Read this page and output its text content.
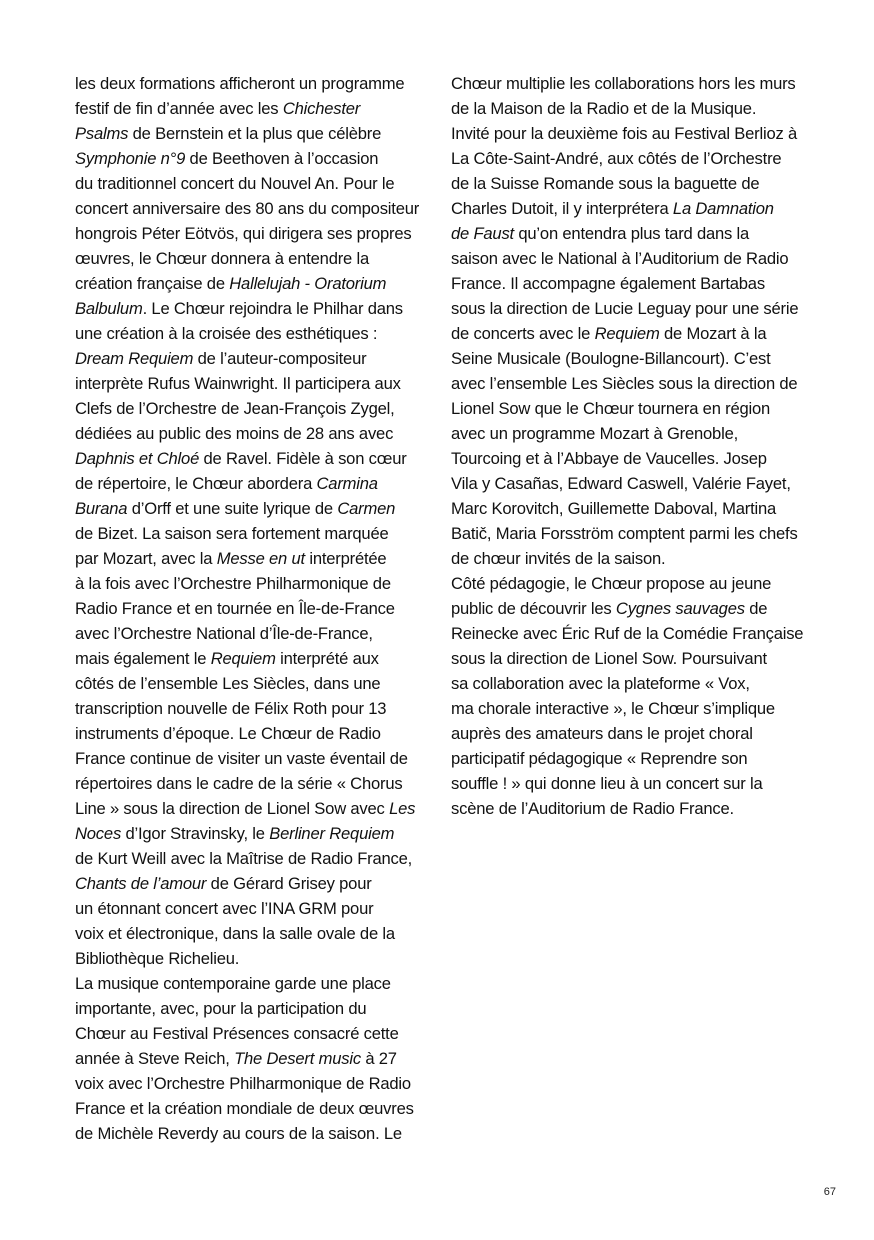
les deux formations afficheront un programme
festif de fin d’année avec les Chichester
Psalms de Bernstein et la plus que célèbre
Symphonie n°9 de Beethoven à l’occasion
du traditionnel concert du Nouvel An. Pour le
concert anniversaire des 80 ans du compositeur
hongrois Péter Eötvös, qui dirigera ses propres
œuvres, le Chœur donnera à entendre la
création française de Hallelujah - Oratorium
Balbulum. Le Chœur rejoindra le Philhar dans
une création à la croisée des esthétiques :
Dream Requiem de l’auteur-compositeur
interprète Rufus Wainwright. Il participera aux
Clefs de l’Orchestre de Jean-François Zygel,
dédiées au public des moins de 28 ans avec
Daphnis et Chloé de Ravel. Fidèle à son cœur
de répertoire, le Chœur abordera Carmina
Burana d’Orff et une suite lyrique de Carmen
de Bizet. La saison sera fortement marquée
par Mozart, avec la Messe en ut interprétée
à la fois avec l’Orchestre Philharmonique de
Radio France et en tournée en Île-de-France
avec l’Orchestre National d’Île-de-France,
mais également le Requiem interprété aux
côtés de l’ensemble Les Siècles, dans une
transcription nouvelle de Félix Roth pour 13
instruments d’époque. Le Chœur de Radio
France continue de visiter un vaste éventail de
répertoires dans le cadre de la série « Chorus
Line » sous la direction de Lionel Sow avec Les
Noces d’Igor Stravinsky, le Berliner Requiem
de Kurt Weill avec la Maîtrise de Radio France,
Chants de l’amour de Gérard Grisey pour
un étonnant concert avec l’INA GRM pour
voix et électronique, dans la salle ovale de la
Bibliothèque Richelieu.
La musique contemporaine garde une place
importante, avec, pour la participation du
Chœur au Festival Présences consacré cette
année à Steve Reich, The Desert music à 27
voix avec l’Orchestre Philharmonique de Radio
France et la création mondiale de deux œuvres
de Michèle Reverdy au cours de la saison. Le
Chœur multiplie les collaborations hors les murs
de la Maison de la Radio et de la Musique.
Invité pour la deuxième fois au Festival Berlioz à
La Côte-Saint-André, aux côtés de l’Orchestre
de la Suisse Romande sous la baguette de
Charles Dutoit, il y interprétera La Damnation
de Faust qu’on entendra plus tard dans la
saison avec le National à l’Auditorium de Radio
France. Il accompagne également Bartabas
sous la direction de Lucie Leguay pour une série
de concerts avec le Requiem de Mozart à la
Seine Musicale (Boulogne-Billancourt). C’est
avec l’ensemble Les Siècles sous la direction de
Lionel Sow que le Chœur tournera en région
avec un programme Mozart à Grenoble,
Tourcoing et à l’Abbaye de Vaucelles. Josep
Vila y Casañas, Edward Caswell, Valérie Fayet,
Marc Korovitch, Guillemette Daboval, Martina
Batič, Maria Forsström comptent parmi les chefs
de chœur invités de la saison.
Côté pédagogie, le Chœur propose au jeune
public de découvrir les Cygnes sauvages de
Reinecke avec Éric Ruf de la Comédie Française
sous la direction de Lionel Sow. Poursuivant
sa collaboration avec la plateforme « Vox,
ma chorale interactive », le Chœur s’implique
auprès des amateurs dans le projet choral
participatif pédagogique « Reprendre son
souffle ! » qui donne lieu à un concert sur la
scène de l’Auditorium de Radio France.
67
